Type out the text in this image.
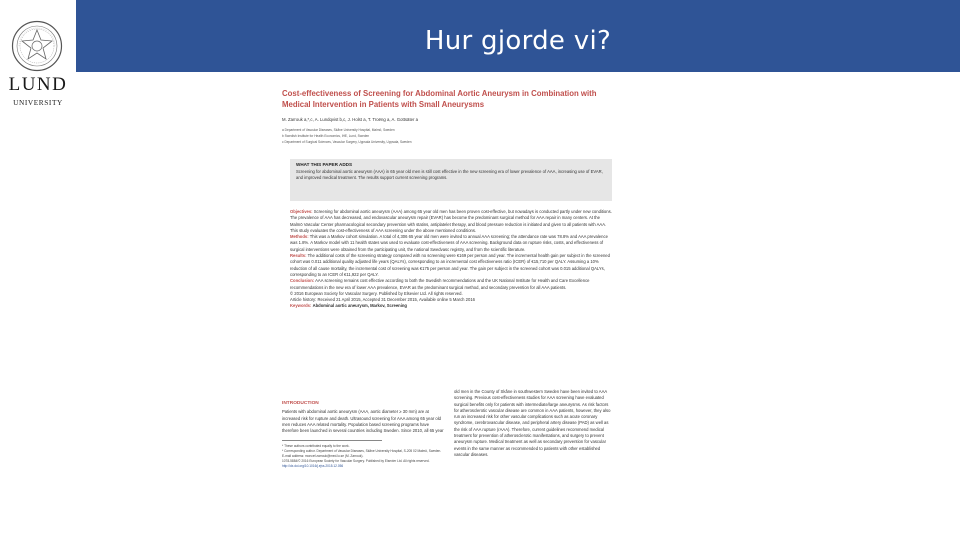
Hur gjorde vi?
LUND
UNIVERSITY
Cost-effectiveness of Screening for Abdominal Aortic Aneurysm in Combination with Medical Intervention in Patients with Small Aneurysms
M. Zarrouk a,*,c, A. Lundqvist b,c, J. Holst a, T. Troëng a, A. Gottsäter a
a Department of Vascular Diseases, Skåne University Hospital, Malmö, Sweden
b Swedish Institute for Health Economics, IHE, Lund, Sweden
c Department of Surgical Sciences, Vascular Surgery, Uppsala University, Uppsala, Sweden
WHAT THIS PAPER ADDS
Screening for abdominal aortic aneurysm (AAA) in 65 year old men is still cost effective in the new screening era of lower prevalence of AAA, increasing use of EVAR, and improved medical treatment. The results support current screening programs.
Objectives: Screening for abdominal aortic aneurysm (AAA) among 65 year old men has been proven cost-effective, but nowadays is conducted partly under new conditions. The prevalence of AAA has decreased, and endovascular aneurysm repair (EVAR) has become the predominant surgical method for AAA repair in many centers. At the Malmö Vascular Center pharmacological secondary prevention with statins, antiplatelet therapy, and blood pressure reduction is initiated and given to all patients with AAA. This study evaluates the cost-effectiveness of AAA screening under the above mentioned conditions.
Methods: This was a Markov cohort simulation. A total of 4,306 65 year old men were invited to annual AAA screening; the attendance rate was 78.8% and AAA prevalence was 1.8%. A Markov model with 11 health states was used to evaluate cost-effectiveness of AAA screening. Background data on rupture risks, costs, and effectiveness of surgical interventions were obtained from the participating unit, the national Swedvasc registry, and from the scientific literature.
Results: The additional costs of the screening strategy compared with no screening were €169 per person and year. The incremental health gain per subject in the screened cohort was 0.011 additional quality adjusted life years (QALYs), corresponding to an incremental cost effectiveness ratio (ICER) of €15,710 per QALY. Assuming a 10% reduction of all cause mortality, the incremental cost of screening was €175 per person and year. The gain per subject in the screened cohort was 0.015 additional QALYs, corresponding to an ICER of €11,922 per QALY.
Conclusion: AAA screening remains cost effective according to both the Swedish recommendations and the UK National Institute for Health and Care Excellence recommendations in the new era of lower AAA prevalence, EVAR as the predominant surgical method, and secondary prevention for all AAA patients.
© 2016 European Society for Vascular Surgery. Published by Elsevier Ltd. All rights reserved.
Article history: Received 21 April 2015, Accepted 31 December 2015, Available online 5 March 2016
Keywords: Abdominal aortic aneurysm, Markov, Screening
INTRODUCTION
Patients with abdominal aortic aneurysm (AAA, aortic diameter ≥ 30 mm) are at increased risk for rupture and death. Ultrasound screening for AAA among 65 year old men reduces AAA related mortality. Population based screening programs have therefore been launched in several countries including Sweden. Since 2010, all 65 year
* These authors contributed equally to the work.
* Corresponding author. Department of Vascular Diseases, Skåne University Hospital, S-205 02 Malmö, Sweden.
E-mail address: moncef.zarrouk@med.lu.se (M. Zarrouk).
1078-5884/© 2016 European Society for Vascular Surgery. Published by Elsevier Ltd. All rights reserved.
http://dx.doi.org/10.1016/j.ejvs.2015.12.056
old men in the County of Skåne in southwestern Sweden have been invited to AAA screening. Previous cost-effectiveness studies for AAA screening have evaluated surgical benefits only for patients with intermediate/large aneurysms. As risk factors for atherosclerotic vascular disease are common in AAA patients, however, they also run an increased risk for other vascular complications such as acute coronary syndrome, cerebrovascular disease, and peripheral artery disease (PAD) as well as the risk of AAA rupture (rAAA). Therefore, current guidelines recommend medical treatment for prevention of atherosclerotic manifestations, and surgery to prevent aneurysm rupture. Medical treatment as well as secondary prevention for vascular events in the same manner as recommended to patients with other established vascular diseases.
